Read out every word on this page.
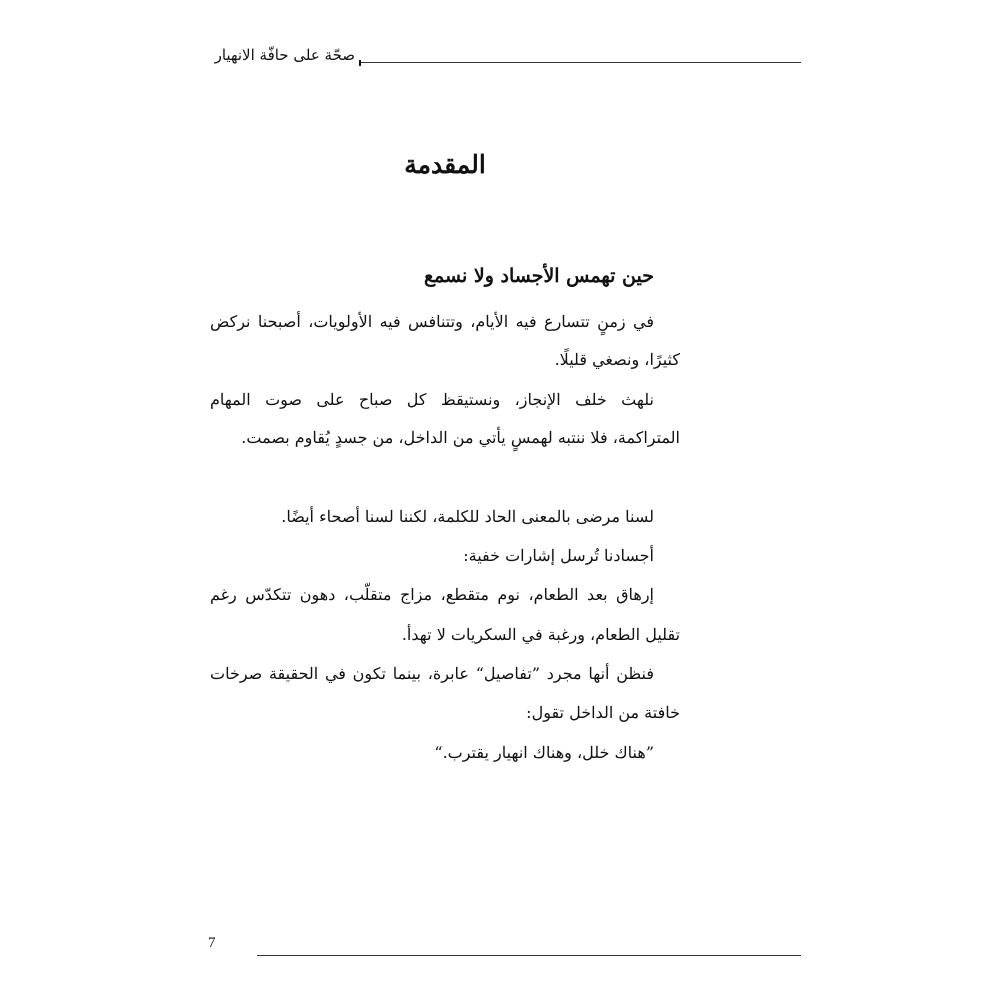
صحّة على حافّة الانهيار
المقدمة
حين تهمس الأجساد ولا نسمع
في زمنٍ تتسارع فيه الأيام، وتتنافس فيه الأولويات، أصبحنا نركض
كثيرًا، ونصغي قليلًا.
نلهث خلف الإنجاز، ونستيقظ كل صباح على صوت المهام
المتراكمة، فلا ننتبه لهمسٍ يأتي من الداخل، من جسدٍ يُقاوم بصمت.
لسنا مرضى بالمعنى الحاد للكلمة، لكننا لسنا أصحاء أيضًا.
أجسادنا تُرسل إشارات خفية:
إرهاق بعد الطعام، نوم متقطع، مزاج متقلّب، دهون تتكدّس رغم
تقليل الطعام، ورغبة في السكريات لا تهدأ.
فنظن أنها مجرد ”تفاصيل“ عابرة، بينما تكون في الحقيقة صرخات
خافتة من الداخل تقول:
”هناك خلل، وهناك انهيار يقترب.“
7
